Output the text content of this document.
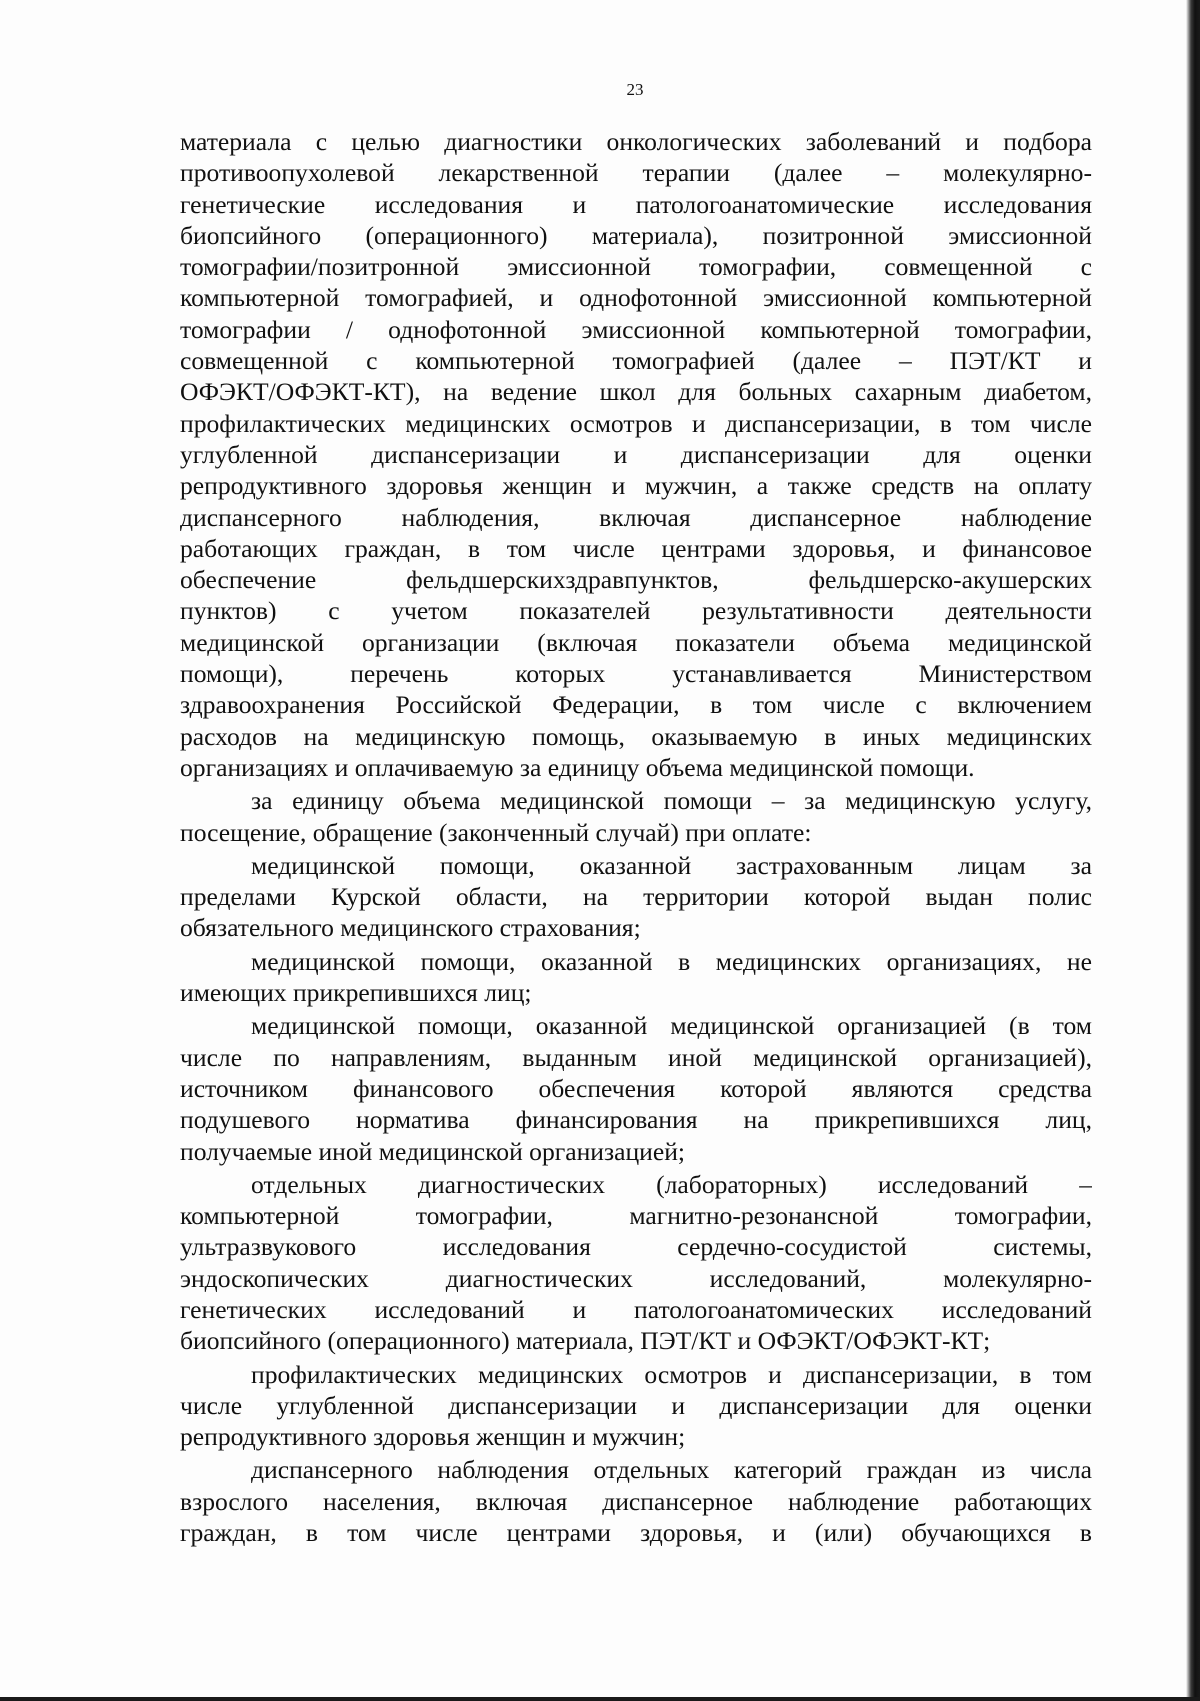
23
материала с целью диагностики онкологических заболеваний и подбора
противоопухолевой лекарственной терапии (далее – молекулярно-
генетические исследования и патологоанатомические исследования
биопсийного (операционного) материала), позитронной эмиссионной
томографии/позитронной эмиссионной томографии, совмещенной с
компьютерной томографией, и однофотонной эмиссионной компьютерной
томографии / однофотонной эмиссионной компьютерной томографии,
совмещенной с компьютерной томографией (далее – ПЭТ/КТ и
ОФЭКТ/ОФЭКТ-КТ), на ведение школ для больных сахарным диабетом,
профилактических медицинских осмотров и диспансеризации, в том числе
углубленной диспансеризации и диспансеризации для оценки
репродуктивного здоровья женщин и мужчин, а также средств на оплату
диспансерного наблюдения, включая диспансерное наблюдение
работающих граждан, в том числе центрами здоровья, и финансовое
обеспечение фельдшерскихздравпунктов, фельдшерско-акушерских
пунктов) с учетом показателей результативности деятельности
медицинской организации (включая показатели объема медицинской
помощи), перечень которых устанавливается Министерством
здравоохранения Российской Федерации, в том числе с включением
расходов на медицинскую помощь, оказываемую в иных медицинских
организациях и оплачиваемую за единицу объема медицинской помощи.
за единицу объема медицинской помощи – за медицинскую услугу,
посещение, обращение (законченный случай) при оплате:
медицинской помощи, оказанной застрахованным лицам за
пределами Курской области, на территории которой выдан полис
обязательного медицинского страхования;
медицинской помощи, оказанной в медицинских организациях, не
имеющих прикрепившихся лиц;
медицинской помощи, оказанной медицинской организацией (в том
числе по направлениям, выданным иной медицинской организацией),
источником финансового обеспечения которой являются средства
подушевого норматива финансирования на прикрепившихся лиц,
получаемые иной медицинской организацией;
отдельных диагностических (лабораторных) исследований –
компьютерной томографии, магнитно-резонансной томографии,
ультразвукового исследования сердечно-сосудистой системы,
эндоскопических диагностических исследований, молекулярно-
генетических исследований и патологоанатомических исследований
биопсийного (операционного) материала, ПЭТ/КТ и ОФЭКТ/ОФЭКТ-КТ;
профилактических медицинских осмотров и диспансеризации, в том
числе углубленной диспансеризации и диспансеризации для оценки
репродуктивного здоровья женщин и мужчин;
диспансерного наблюдения отдельных категорий граждан из числа
взрослого населения, включая диспансерное наблюдение работающих
граждан, в том числе центрами здоровья, и (или) обучающихся в
